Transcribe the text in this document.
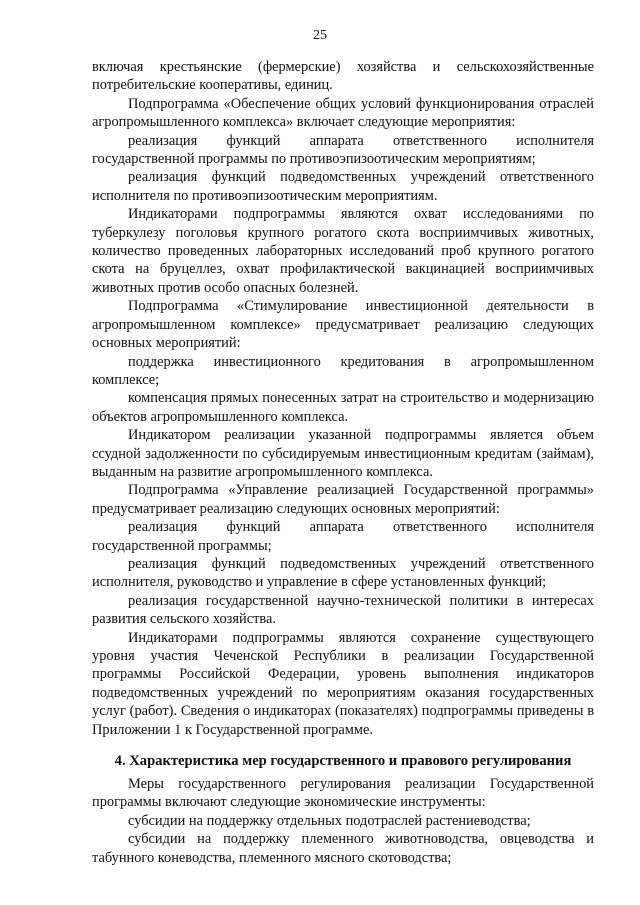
25

включая крестьянские (фермерские) хозяйства и сельскохозяйственные потребительские кооперативы, единиц.

Подпрограмма «Обеспечение общих условий функционирования отраслей агропромышленного комплекса» включает следующие мероприятия:

реализация функций аппарата ответственного исполнителя государственной программы по противоэпизоотическим мероприятиям;

реализация функций подведомственных учреждений ответственного исполнителя по противоэпизоотическим мероприятиям.

Индикаторами подпрограммы являются охват исследованиями по туберкулезу поголовья крупного рогатого скота восприимчивых животных, количество проведенных лабораторных исследований проб крупного рогатого скота на бруцеллез, охват профилактической вакцинацией восприимчивых животных против особо опасных болезней.

Подпрограмма «Стимулирование инвестиционной деятельности в агропромышленном комплексе» предусматривает реализацию следующих основных мероприятий:

поддержка инвестиционного кредитования в агропромышленном комплексе;

компенсация прямых понесенных затрат на строительство и модернизацию объектов агропромышленного комплекса.

Индикатором реализации указанной подпрограммы является объем ссудной задолженности по субсидируемым инвестиционным кредитам (займам), выданным на развитие агропромышленного комплекса.

Подпрограмма «Управление реализацией Государственной программы» предусматривает реализацию следующих основных мероприятий:

реализация функций аппарата ответственного исполнителя государственной программы;

реализация функций подведомственных учреждений ответственного исполнителя, руководство и управление в сфере установленных функций;

реализация государственной научно-технической политики в интересах развития сельского хозяйства.

Индикаторами подпрограммы являются сохранение существующего уровня участия Чеченской Республики в реализации Государственной программы Российской Федерации, уровень выполнения индикаторов подведомственных учреждений по мероприятиям оказания государственных услуг (работ). Сведения о индикаторах (показателях) подпрограммы приведены в Приложении 1 к Государственной программе.

4. Характеристика мер государственного и правового регулирования

Меры государственного регулирования реализации Государственной программы включают следующие экономические инструменты:

субсидии на поддержку отдельных подотраслей растениеводства;

субсидии на поддержку племенного животноводства, овцеводства и табунного коневодства, племенного мясного скотоводства;
